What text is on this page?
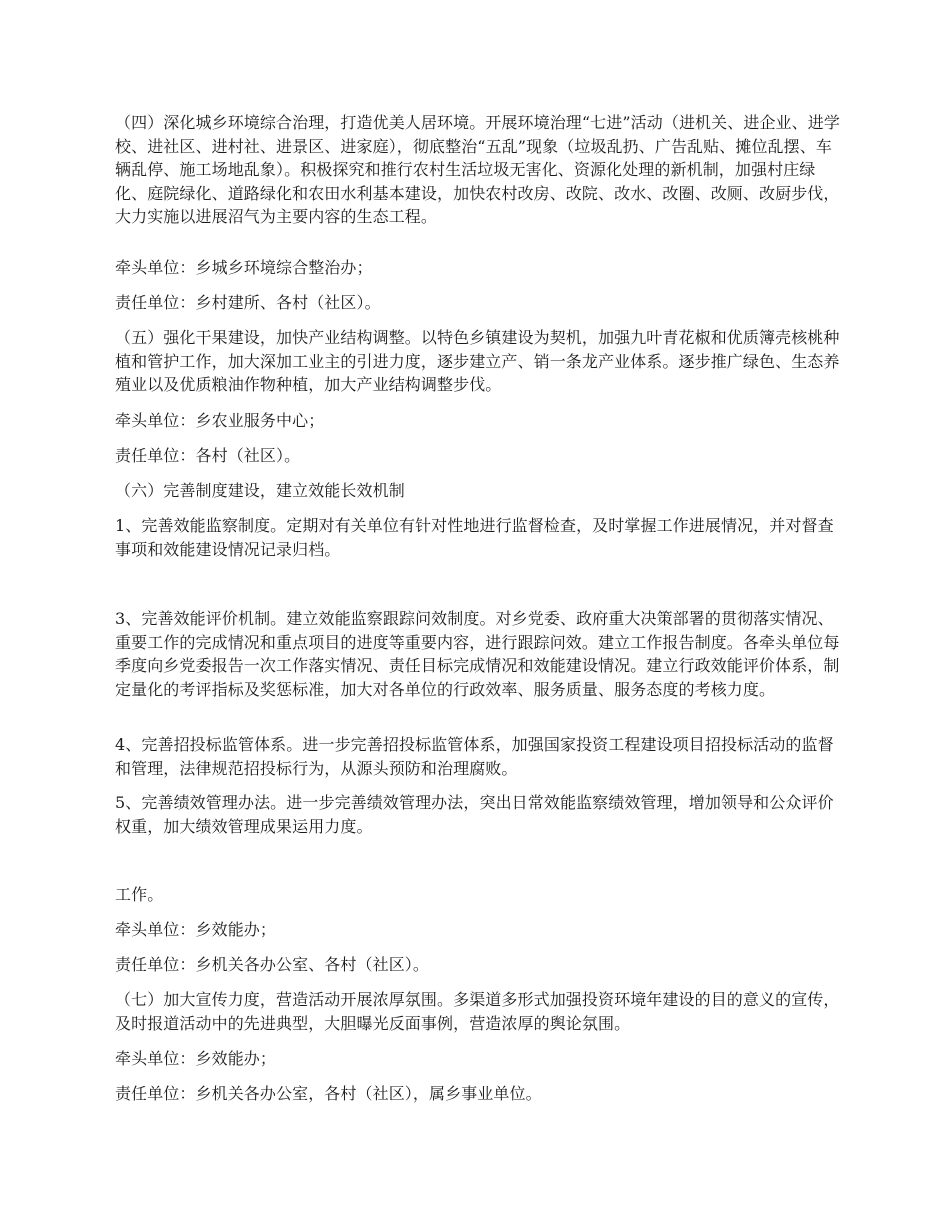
（四）深化城乡环境综合治理，打造优美人居环境。开展环境治理“七进”活动（进机关、进企业、进学校、进社区、进村社、进景区、进家庭），彻底整治“五乱”现象（垃圾乱扔、广告乱贴、摊位乱摆、车辆乱停、施工场地乱象）。积极探究和推行农村生活垃圾无害化、资源化处理的新机制，加强村庄绿化、庭院绿化、道路绿化和农田水利基本建设，加快农村改房、改院、改水、改圈、改厕、改厨步伐，大力实施以进展沼气为主要内容的生态工程。

牵头单位：乡城乡环境综合整治办；

责任单位：乡村建所、各村（社区）。

（五）强化干果建设，加快产业结构调整。以特色乡镇建设为契机，加强九叶青花椒和优质簿壳核桃种植和管护工作，加大深加工业主的引进力度，逐步建立产、销一条龙产业体系。逐步推广绿色、生态养殖业以及优质粮油作物种植，加大产业结构调整步伐。

牵头单位：乡农业服务中心；

责任单位：各村（社区）。

（六）完善制度建设，建立效能长效机制

1、完善效能监察制度。定期对有关单位有针对性地进行监督检查，及时掌握工作进展情况，并对督查事项和效能建设情况记录归档。

3、完善效能评价机制。建立效能监察跟踪问效制度。对乡党委、政府重大决策部署的贯彻落实情况、重要工作的完成情况和重点项目的进度等重要内容，进行跟踪问效。建立工作报告制度。各牵头单位每季度向乡党委报告一次工作落实情况、责任目标完成情况和效能建设情况。建立行政效能评价体系，制定量化的考评指标及奖惩标准，加大对各单位的行政效率、服务质量、服务态度的考核力度。

4、完善招投标监管体系。进一步完善招投标监管体系，加强国家投资工程建设项目招投标活动的监督和管理，法律规范招投标行为，从源头预防和治理腐败。

5、完善绩效管理办法。进一步完善绩效管理办法，突出日常效能监察绩效管理，增加领导和公众评价权重，加大绩效管理成果运用力度。

工作。

牵头单位：乡效能办；

责任单位：乡机关各办公室、各村（社区）。

（七）加大宣传力度，营造活动开展浓厚氛围。多渠道多形式加强投资环境年建设的目的意义的宣传，及时报道活动中的先进典型，大胆曝光反面事例，营造浓厚的舆论氛围。

牵头单位：乡效能办；

责任单位：乡机关各办公室，各村（社区），属乡事业单位。
